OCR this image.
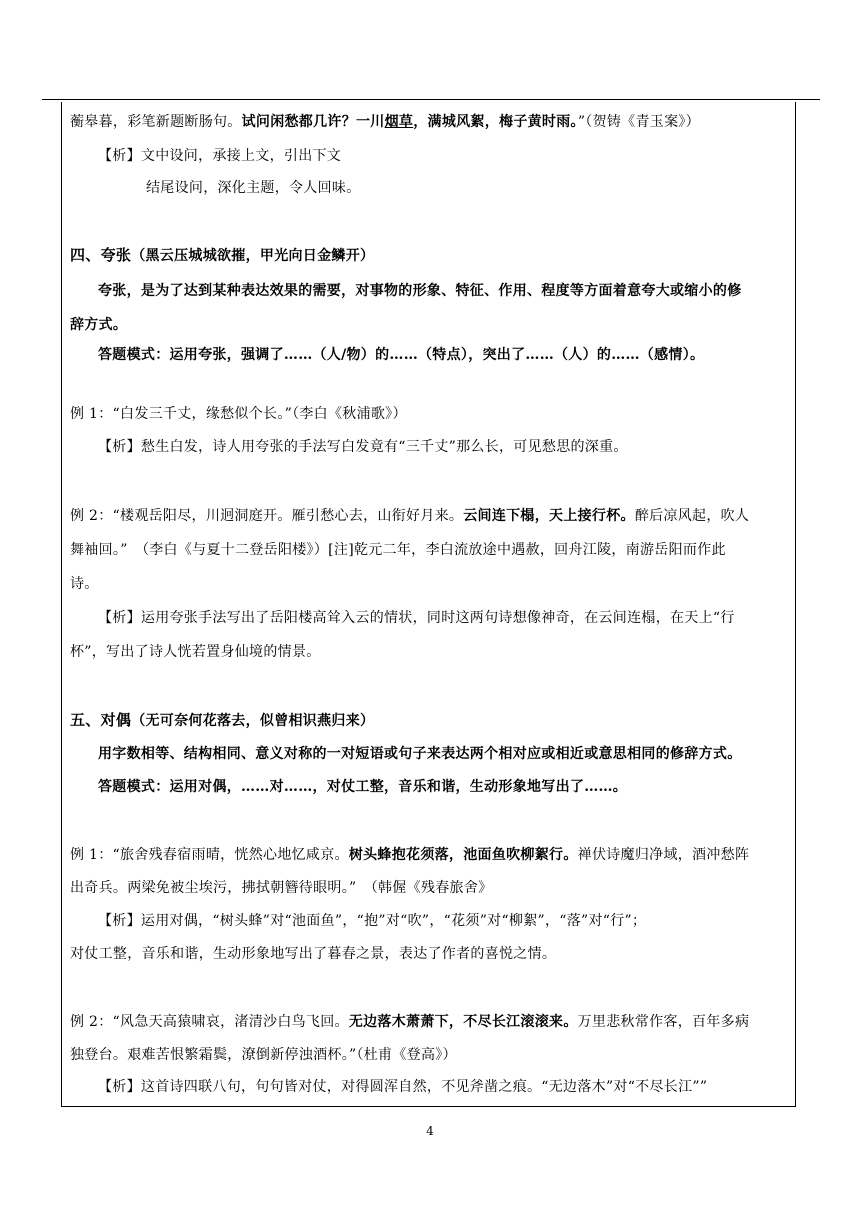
蘅皋暮，彩笔新题断肠句。试问闲愁都几许？一川烟草，满城风絮，梅子黄时雨。”（贺铸《青玉案》）
【析】文中设问，承接上文，引出下文
结尾设问，深化主题，令人回味。
四、夸张（黑云压城城欲摧，甲光向日金鳞开）
夸张，是为了达到某种表达效果的需要，对事物的形象、特征、作用、程度等方面着意夸大或缩小的修
辞方式。
答题模式：运用夸张，强调了……（人/物）的……（特点），突出了……（人）的……（感情）。
例 1：“白发三千丈，缘愁似个长。”（李白《秋浦歌》）
【析】愁生白发，诗人用夸张的手法写白发竟有“三千丈”那么长，可见愁思的深重。
例 2：“楼观岳阳尽，川迥洞庭开。雁引愁心去，山衔好月来。云间连下榻，天上接行杯。醉后凉风起，吹人
舞袖回。”　（李白《与夏十二登岳阳楼》）[注]乾元二年，李白流放途中遇赦，回舟江陵，南游岳阳而作此
诗。
【析】运用夸张手法写出了岳阳楼高耸入云的情状，同时这两句诗想像神奇，在云间连榻，在天上“行
杯”，写出了诗人恍若置身仙境的情景。
五、对偶（无可奈何花落去，似曾相识燕归来）
用字数相等、结构相同、意义对称的一对短语或句子来表达两个相对应或相近或意思相同的修辞方式。
答题模式：运用对偶，……对……，对仗工整，音乐和谐，生动形象地写出了……。
例 1：“旅舍残春宿雨晴，恍然心地忆咸京。树头蜂抱花须落，池面鱼吹柳絮行。禅伏诗魔归净域，酒冲愁阵
出奇兵。两梁免被尘埃污，拂拭朝簪待眼明。”　（韩偓《残春旅舍》
【析】运用对偶，“树头蜂”对“池面鱼”，“抱”对“吹”，“花须”对“柳絮”，“落”对“行”；
对仗工整，音乐和谐，生动形象地写出了暮春之景，表达了作者的喜悦之情。
例 2：“风急天高猿啸哀，渚清沙白鸟飞回。无边落木萧萧下，不尽长江滚滚来。万里悲秋常作客，百年多病
独登台。艰难苦恨繁霜鬓，潦倒新停浊酒杯。”（杜甫《登高》）
【析】这首诗四联八句，句句皆对仗，对得圆浑自然，不见斧凿之痕。“无边落木”对“不尽长江””
4
